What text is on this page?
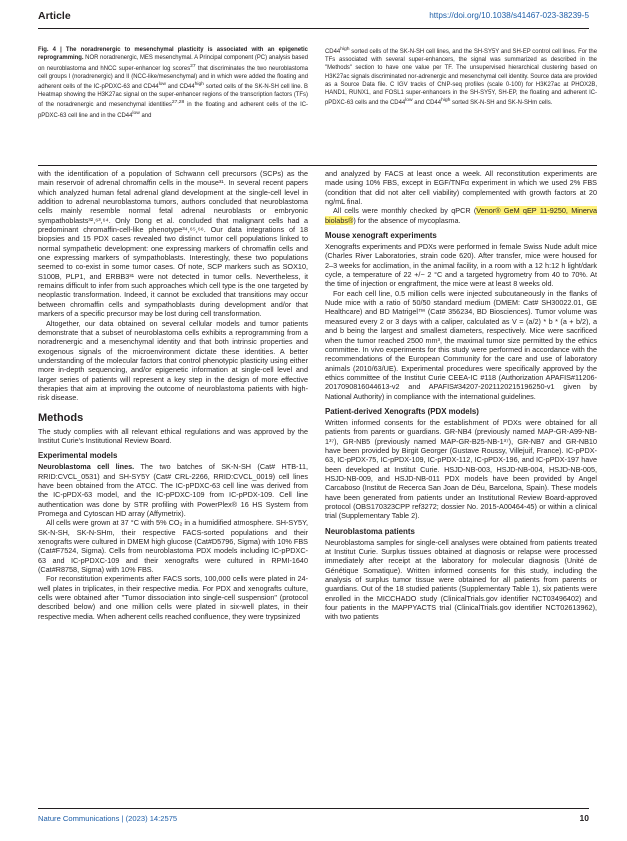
Article	https://doi.org/10.1038/s41467-023-38239-5

Fig. 4 | The noradrenergic to mesenchymal plasticity is associated with an epigenetic reprogramming. NOR noradrenergic, MES mesenchymal. A Principal component (PC) analysis based on neuroblastoma and hNCC super-enhancer log scores$^{27}$ that discriminates the two neuroblastoma cell groups I (noradrenergic) and II (NCC-like/mesenchymal) and in which were added the floating and adherent cells of the IC-pPDXC-63 and $CD44^{low}$ and $CD44^{high}$ sorted cells of the SK-N-SH cell line. B Heatmap showing the H3K27ac signal on the super-enhancer regions of the transcription factors (TFs) of the noradrenergic and mesenchymal identities$^{27,28}$ in the floating and adherent cells of the IC-pPDXC-63 cell line and in the $CD44^{low}$ and

$CD44^{high}$ sorted cells of the SK-N-SH cell lines, and the SH-SY5Y and SH-EP control cell lines. For the TFs associated with several super-enhancers, the signal was summarized as described in the "Methods" section to have one value per TF. The unsupervised hierarchical clustering based on H3K27ac signals discriminated nor-adrenergic and mesenchymal cell identity. Source data are provided as a Source Data file. C IGV tracks of ChIP-seq profiles (scale 0-100) for H3K27ac at PHOX2B, HAND1, RUNX1, and FOSL1 super-enhancers in the SH-SY5Y, SH-EP, the floating and adherent IC-pPDXC-63 cells and the $CD44^{low}$ and $CD44^{high}$ sorted SK-N-SH and SK-N-SHm cells.

with the identification of a population of Schwann cell precursors (SCPs) as the main reservoir of adrenal chromaffin cells in the mouse³¹. In several recent papers which analyzed human fetal adrenal gland development at the single-cell level in addition to adrenal neuroblastoma tumors, authors concluded that neuroblastoma cells mainly resemble normal fetal adrenal neuroblasts or embryonic sympathoblasts³²,⁶³,⁶⁴. Only Dong et al. concluded that malignant cells had a predominant chromaffin-cell-like phenotype³⁴,⁶⁵,⁶⁶. Our data integrations of 18 biopsies and 15 PDX cases revealed two distinct tumor cell populations linked to normal sympathetic development: one expressing markers of chromaffin cells and one expressing markers of sympathoblasts. Interestingly, these two populations seemed to co-exist in some tumor cases. Of note, SCP markers such as SOX10, S100B, PLP1, and ERBB3³¹ were not detected in tumor cells. Nevertheless, it remains difficult to infer from such approaches which cell type is the one targeted by neoplastic transformation. Indeed, it cannot be excluded that transitions may occur between chromaffin cells and sympathoblasts during development and/or that markers of a specific precursor may be lost during cell transformation.

Altogether, our data obtained on several cellular models and tumor patients demonstrate that a subset of neuroblastoma cells exhibits a reprogramming from a noradrenergic and a mesenchymal identity and that both intrinsic properties and exogenous signals of the microenvironment dictate these identities. A better understanding of the molecular factors that control phenotypic plasticity using either more in-depth sequencing, and/or epigenetic information at single-cell level and larger series of patients will represent a key step in the design of more effective therapies that aim at improving the outcome of neuroblastoma patients with high-risk disease.

Methods

The study complies with all relevant ethical regulations and was approved by the Institut Curie's Institutional Review Board.

Experimental models

Neuroblastoma cell lines. The two batches of SK-N-SH (Cat# HTB-11, RRID:CVCL_0531) and SH-SY5Y (Cat# CRL-2266, RRID:CVCL_0019) cell lines have been obtained from the ATCC. The IC-pPDXC-63 cell line was derived from the IC-pPDX-63 model, and the IC-pPDXC-109 from IC-pPDX-109. Cell line authentication was done by STR profiling with PowerPlex® 16 HS System from Promega and Cytoscan HD array (Affymetrix).

All cells were grown at 37 °C with 5% CO₂ in a humidified atmosphere. SH-SY5Y, SK-N-SH, SK-N-SHm, their respective FACS-sorted populations and their xenografts were cultured in DMEM high glucose (Cat#D5796, Sigma) with 10% FBS (Cat#F7524, Sigma). Cells from neuroblastoma PDX models including IC-pPDXC-63 and IC-pPDXC-109 and their xenografts were cultured in RPMI-1640 (Cat#R8758, Sigma) with 10% FBS.

For reconstitution experiments after FACS sorts, 100,000 cells were plated in 24-well plates in triplicates, in their respective media. For PDX and xenografts culture, cells were obtained after "Tumor dissociation into single-cell suspension" (protocol described below) and one million cells were plated in six-well plates, in their respective media. When adherent cells reached confluence, they were trypsinized

and analyzed by FACS at least once a week. All reconstitution experiments are made using 10% FBS, except in EGF/TNFα experiment in which we used 2% FBS (condition that did not alter cell viability) complemented with growth factors at 20 ng/mL final.

All cells were monthly checked by qPCR (Venor® GeM qEP 11-9250, Minerva biolabs®) for the absence of mycoplasma.

Mouse xenograft experiments

Xenografts experiments and PDXs were performed in female Swiss Nude adult mice (Charles River Laboratories, strain code 620). After transfer, mice were housed for 2–3 weeks for acclimation, in the animal facility, in a room with a 12 h:12 h light/dark cycle, a temperature of 22 +/− 2 °C and a targeted hygrometry from 40 to 70%. At the time of injection or engraftment, the mice were at least 8 weeks old.

For each cell line, 0.5 million cells were injected subcutaneously in the flanks of Nude mice with a ratio of 50/50 standard medium (DMEM: Cat# SH30022.01, GE Healthcare) and BD Matrigel™ (Cat# 356234, BD Biosciences). Tumor volume was measured every 2 or 3 days with a caliper, calculated as V = (a/2) * b * (a + b/2), a and b being the largest and smallest diameters, respectively. Mice were sacrificed when the tumor reached 2500 mm³, the maximal tumor size permitted by the ethics committee. In vivo experiments for this study were performed in accordance with the recommendations of the European Community for the care and use of laboratory animals (2010/63/UE). Experimental procedures were specifically approved by the ethics committee of the Institut Curie CEEA-IC #118 (Authorization APAFIS#11206-2017090816044613-v2 and APAFIS#34207-2021120215196250-v1 given by National Authority) in compliance with the international guidelines.

Patient-derived Xenografts (PDX models)

Written informed consents for the establishment of PDXs were obtained for all patients from parents or guardians. GR-NB4 (previously named MAP-GR-A99-NB-1³⁷), GR-NB5 (previously named MAP-GR-B25-NB-1³⁷), GR-NB7 and GR-NB10 have been provided by Birgit Georger (Gustave Roussy, Villejuif, France). IC-pPDX-63, IC-pPDX-75, IC-pPDX-109, IC-pPDX-112, IC-pPDX-196, and IC-pPDX-197 have been developed at Institut Curie. HSJD-NB-003, HSJD-NB-004, HSJD-NB-005, HSJD-NB-009, and HSJD-NB-011 PDX models have been provided by Angel Carcaboso (Institut de Recerca San Joan de Déu, Barcelona, Spain). These models have been generated from patients under an Institutional Review Board-approved protocol (OBS170323CPP ref3272; dossier No. 2015-A00464-45) or within a clinical trial (Supplementary Table 2).

Neuroblastoma patients

Neuroblastoma samples for single-cell analyses were obtained from patients treated at Institut Curie. Surplus tissues obtained at diagnosis or relapse were processed immediately after receipt at the laboratory for molecular diagnosis (Unité de Génétique Somatique). Written informed consents for this study, including the analysis of surplus tumor tissue were obtained for all patients from parents or guardians. Out of the 18 studied patients (Supplementary Table 1), six patients were enrolled in the MICCHADO study (ClinicalTrials.gov identifier NCT03496402) and four patients in the MAPPYACTS trial (ClinicalTrials.gov identifier NCT02613962), with two patients

Nature Communications | (2023) 14:2575	10
